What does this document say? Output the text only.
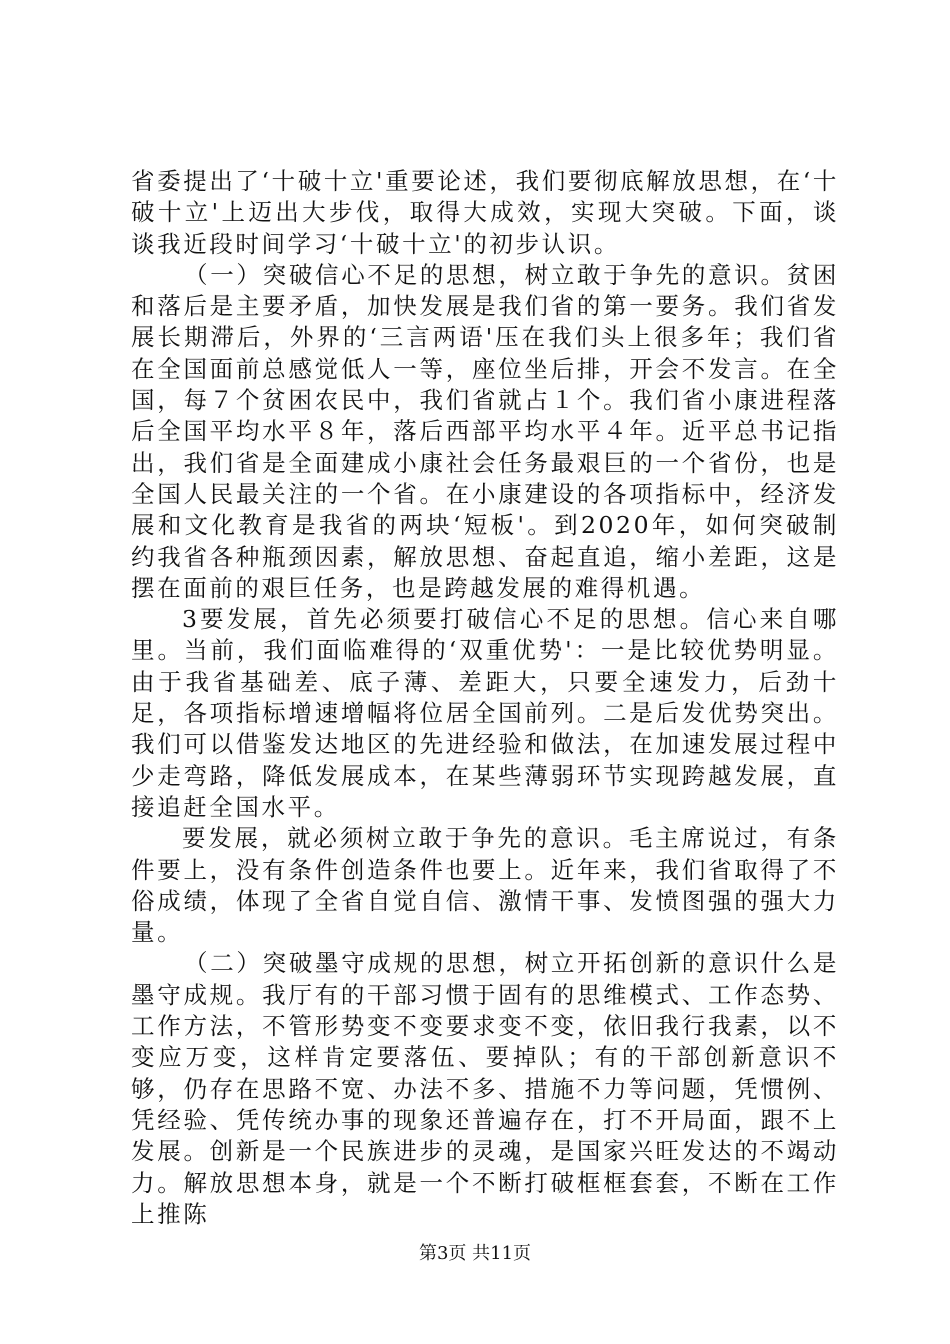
省委提出了‘十破十立'重要论述，我们要彻底解放思想，在‘十破十立'上迈出大步伐，取得大成效，实现大突破。下面，谈谈我近段时间学习‘十破十立'的初步认识。

（一）突破信心不足的思想，树立敢于争先的意识。贫困和落后是主要矛盾，加快发展是我们省的第一要务。我们省发展长期滞后，外界的‘三言两语'压在我们头上很多年；我们省在全国面前总感觉低人一等，座位坐后排，开会不发言。在全国，每７个贫困农民中，我们省就占１个。我们省小康进程落后全国平均水平８年，落后西部平均水平４年。近平总书记指出，我们省是全面建成小康社会任务最艰巨的一个省份，也是全国人民最关注的一个省。在小康建设的各项指标中，经济发展和文化教育是我省的两块‘短板'。到2020年，如何突破制约我省各种瓶颈因素，解放思想、奋起直追，缩小差距，这是摆在面前的艰巨任务，也是跨越发展的难得机遇。

3要发展，首先必须要打破信心不足的思想。信心来自哪里。当前，我们面临难得的‘双重优势'：一是比较优势明显。由于我省基础差、底子薄、差距大，只要全速发力，后劲十足，各项指标增速增幅将位居全国前列。二是后发优势突出。我们可以借鉴发达地区的先进经验和做法，在加速发展过程中少走弯路，降低发展成本，在某些薄弱环节实现跨越发展，直接追赶全国水平。

要发展，就必须树立敢于争先的意识。毛主席说过，有条件要上，没有条件创造条件也要上。近年来，我们省取得了不俗成绩，体现了全省自觉自信、激情干事、发愤图强的强大力量。

（二）突破墨守成规的思想，树立开拓创新的意识什么是墨守成规。我厅有的干部习惯于固有的思维模式、工作态势、工作方法，不管形势变不变要求变不变，依旧我行我素，以不变应万变，这样肯定要落伍、要掉队；有的干部创新意识不够，仍存在思路不宽、办法不多、措施不力等问题，凭惯例、凭经验、凭传统办事的现象还普遍存在，打不开局面，跟不上发展。创新是一个民族进步的灵魂，是国家兴旺发达的不竭动力。解放思想本身，就是一个不断打破框框套套，不断在工作上推陈

第3页 共11页
